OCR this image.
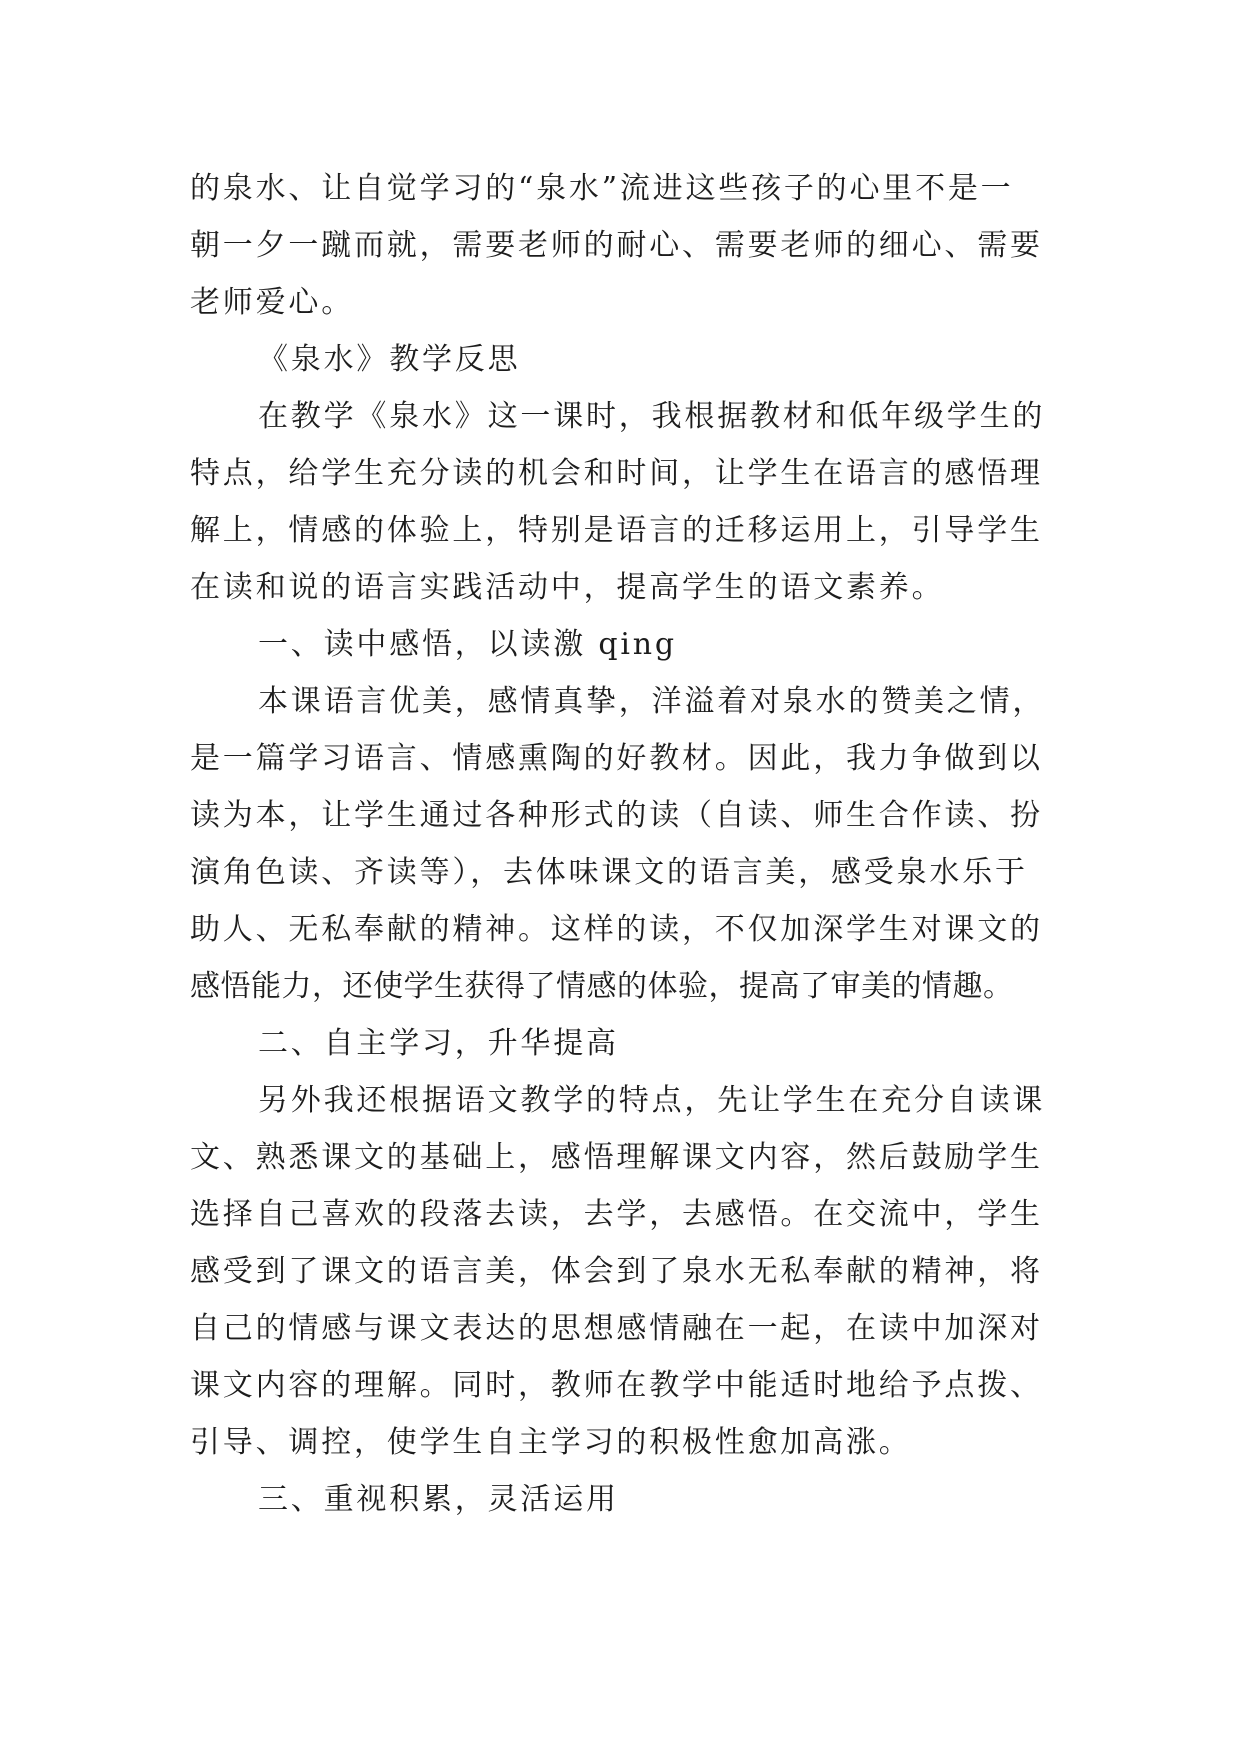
的泉水、让自觉学习的“泉水”流进这些孩子的心里不是一
朝一夕一蹴而就，需要老师的耐心、需要老师的细心、需要
老师爱心。
《泉水》教学反思
在教学《泉水》这一课时，我根据教材和低年级学生的
特点，给学生充分读的机会和时间，让学生在语言的感悟理
解上，情感的体验上，特别是语言的迁移运用上，引导学生
在读和说的语言实践活动中，提高学生的语文素养。
一、读中感悟，以读激 qing
本课语言优美，感情真挚，洋溢着对泉水的赞美之情，
是一篇学习语言、情感熏陶的好教材。因此，我力争做到以
读为本，让学生通过各种形式的读（自读、师生合作读、扮
演角色读、齐读等），去体味课文的语言美，感受泉水乐于
助人、无私奉献的精神。这样的读，不仅加深学生对课文的
感悟能力，还使学生获得了情感的体验，提高了审美的情趣。
二、自主学习，升华提高
另外我还根据语文教学的特点，先让学生在充分自读课
文、熟悉课文的基础上，感悟理解课文内容，然后鼓励学生
选择自己喜欢的段落去读，去学，去感悟。在交流中，学生
感受到了课文的语言美，体会到了泉水无私奉献的精神，将
自己的情感与课文表达的思想感情融在一起，在读中加深对
课文内容的理解。同时，教师在教学中能适时地给予点拨、
引导、调控，使学生自主学习的积极性愈加高涨。
三、重视积累，灵活运用
